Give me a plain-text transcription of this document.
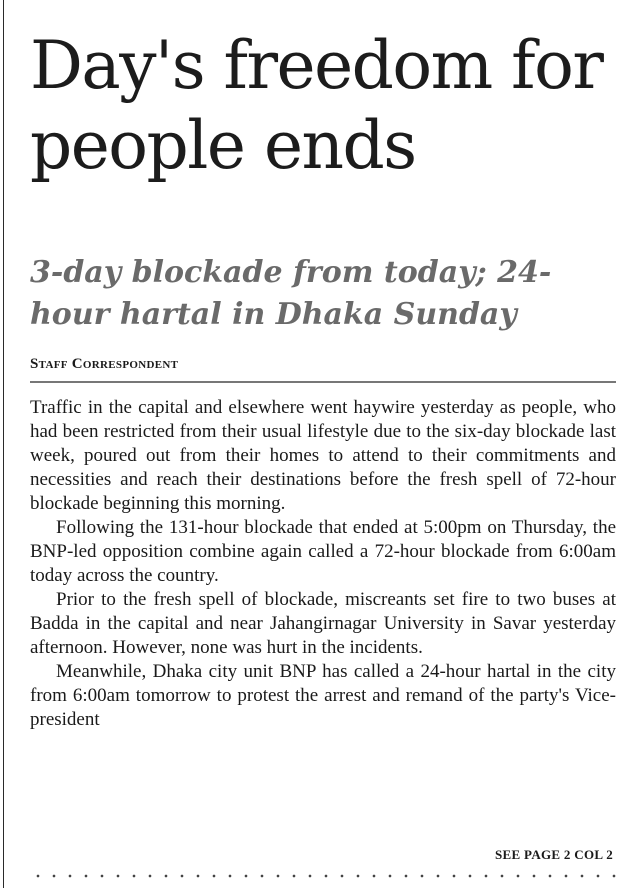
Day's freedom for people ends
3-day blockade from today; 24-hour hartal in Dhaka Sunday
Staff Correspondent

Traffic in the capital and elsewhere went haywire yesterday as people, who had been restricted from their usual lifestyle due to the six-day blockade last week, poured out from their homes to attend to their commitments and necessities and reach their destinations before the fresh spell of 72-hour blockade beginning this morning.

Following the 131-hour blockade that ended at 5:00pm on Thursday, the BNP-led opposition combine again called a 72-hour blockade from 6:00am today across the country.

Prior to the fresh spell of blockade, miscreants set fire to two buses at Badda in the capital and near Jahangirnagar University in Savar yesterday afternoon. However, none was hurt in the incidents.

Meanwhile, Dhaka city unit BNP has called a 24-hour hartal in the city from 6:00am tomorrow to protest the arrest and remand of the party's Vice-president

SEE PAGE 2 COL 2
